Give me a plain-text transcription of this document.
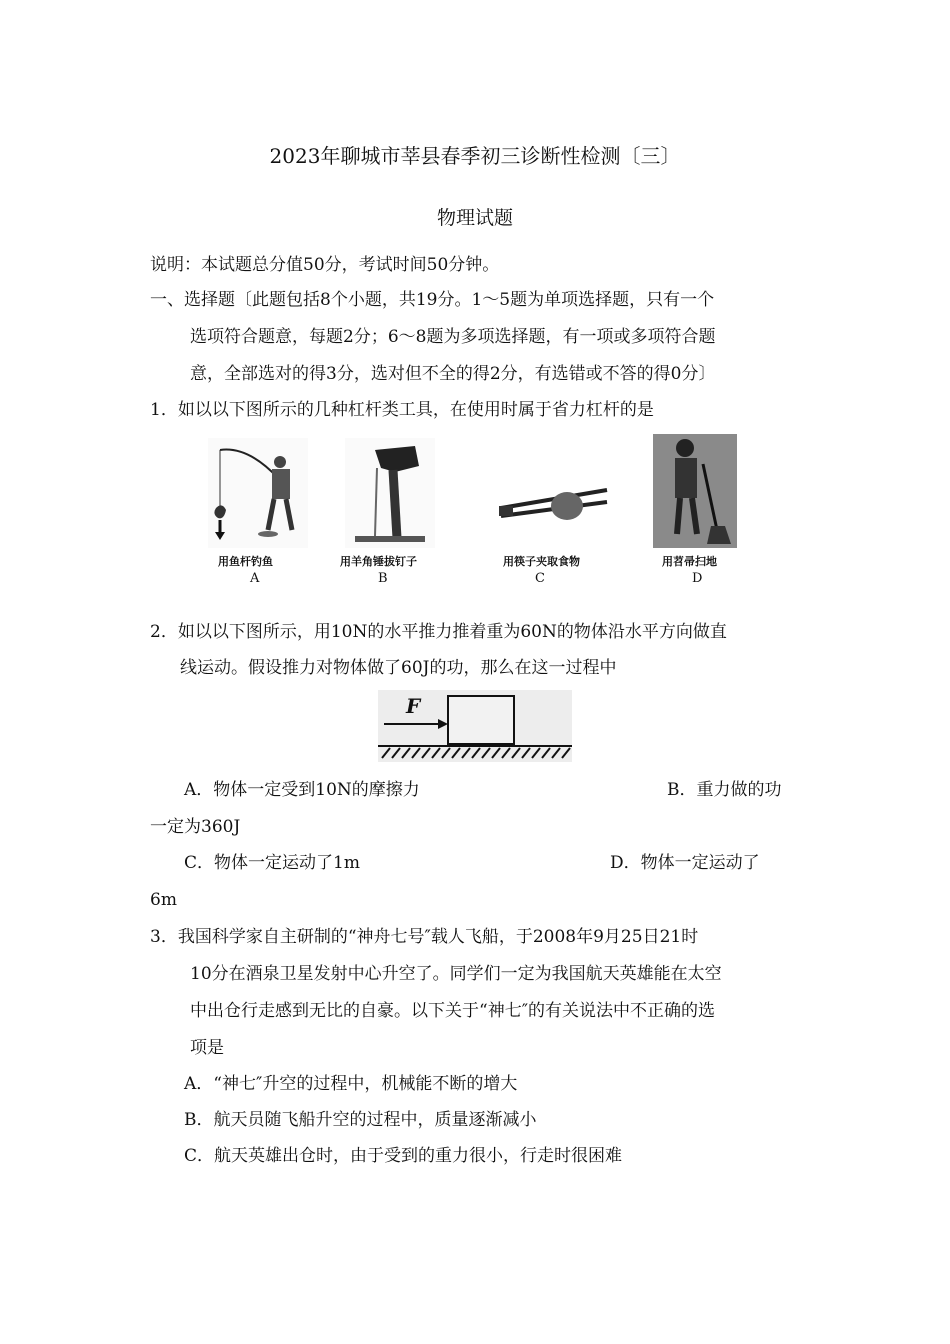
2023年聊城市莘县春季初三诊断性检测〔三〕
物理试题
说明：本试题总分值50分，考试时间50分钟。
一、选择题〔此题包括8个小题，共19分。1～5题为单项选择题，只有一个
选项符合题意，每题2分；6～8题为多项选择题，有一项或多项符合题
意，全部选对的得3分，选对但不全的得2分，有选错或不答的得0分〕
1．如以以下图所示的几种杠杆类工具，在使用时属于省力杠杆的是
用鱼杆钓鱼
A
用羊角锤拔钉子
B
用筷子夹取食物
C
用苕帚扫地
D
2．如以以下图所示，用10N的水平推力推着重为60N的物体沿水平方向做直
线运动。假设推力对物体做了60J的功，那么在这一过程中
F
A．物体一定受到10N的摩擦力	B．重力做的功
一定为360J
C．物体一定运动了1m	D．物体一定运动了
6m
3．我国科学家自主研制的“神舟七号″载人飞船，于2008年9月25日21时
10分在酒泉卫星发射中心升空了。同学们一定为我国航天英雄能在太空
中出仓行走感到无比的自豪。以下关于“神七″的有关说法中不正确的选
项是
A．“神七″升空的过程中，机械能不断的增大
B．航天员随飞船升空的过程中，质量逐渐减小
C．航天英雄出仓时，由于受到的重力很小，行走时很困难
